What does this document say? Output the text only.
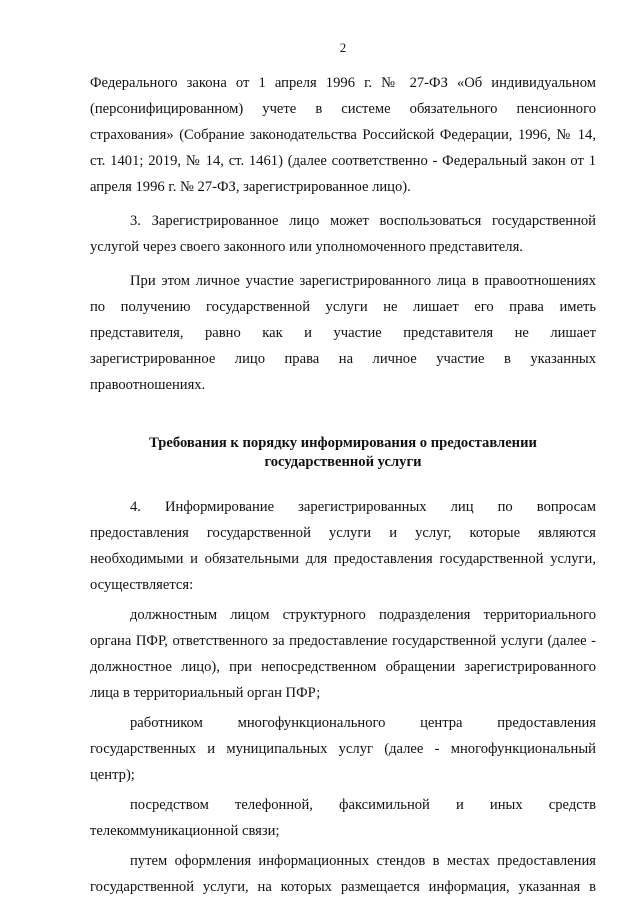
2

Федерального закона от 1 апреля 1996 г. № 27-ФЗ «Об индивидуальном (персонифицированном) учете в системе обязательного пенсионного страхования» (Собрание законодательства Российской Федерации, 1996, № 14, ст. 1401; 2019, № 14, ст. 1461) (далее соответственно - Федеральный закон от 1 апреля 1996 г. № 27-ФЗ, зарегистрированное лицо).

3. Зарегистрированное лицо может воспользоваться государственной услугой через своего законного или уполномоченного представителя.

При этом личное участие зарегистрированного лица в правоотношениях по получению государственной услуги не лишает его права иметь представителя, равно как и участие представителя не лишает зарегистрированное лицо права на личное участие в указанных правоотношениях.

Требования к порядку информирования о предоставлении
государственной услуги

4. Информирование зарегистрированных лиц по вопросам предоставления государственной услуги и услуг, которые являются необходимыми и обязательными для предоставления государственной услуги, осуществляется:

должностным лицом структурного подразделения территориального органа ПФР, ответственного за предоставление государственной услуги (далее - должностное лицо), при непосредственном обращении зарегистрированного лица в территориальный орган ПФР;

работником многофункционального центра предоставления государственных и муниципальных услуг (далее - многофункциональный центр);

посредством телефонной, факсимильной и иных средств телекоммуникационной связи;

путем оформления информационных стендов в местах предоставления государственной услуги, на которых размещается информация, указанная в
